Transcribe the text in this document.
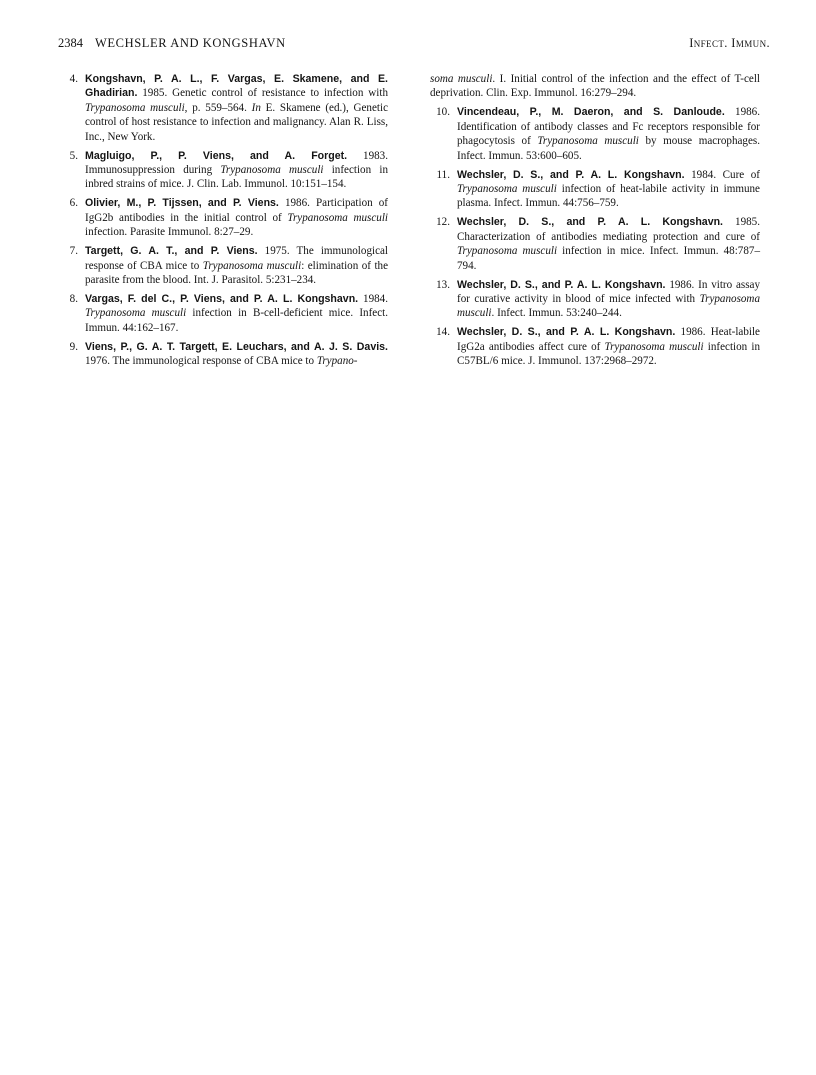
2384 WECHSLER AND KONGSHAVN	Infect. Immun.

4. Kongshavn, P. A. L., F. Vargas, E. Skamene, and E. Ghadirian. 1985. Genetic control of resistance to infection with Trypanosoma musculi, p. 559–564. In E. Skamene (ed.), Genetic control of host resistance to infection and malignancy. Alan R. Liss, Inc., New York.

5. Magluigo, P., P. Viens, and A. Forget. 1983. Immunosuppression during Trypanosoma musculi infection in inbred strains of mice. J. Clin. Lab. Immunol. 10:151–154.

6. Olivier, M., P. Tijssen, and P. Viens. 1986. Participation of IgG2b antibodies in the initial control of Trypanosoma musculi infection. Parasite Immunol. 8:27–29.

7. Targett, G. A. T., and P. Viens. 1975. The immunological response of CBA mice to Trypanosoma musculi: elimination of the parasite from the blood. Int. J. Parasitol. 5:231–234.

8. Vargas, F. del C., P. Viens, and P. A. L. Kongshavn. 1984. Trypanosoma musculi infection in B-cell-deficient mice. Infect. Immun. 44:162–167.

9. Viens, P., G. A. T. Targett, E. Leuchars, and A. J. S. Davis. 1976. The immunological response of CBA mice to Trypano-

soma musculi. I. Initial control of the infection and the effect of T-cell deprivation. Clin. Exp. Immunol. 16:279–294.

10. Vincendeau, P., M. Daeron, and S. Danloude. 1986. Identification of antibody classes and Fc receptors responsible for phagocytosis of Trypanosoma musculi by mouse macrophages. Infect. Immun. 53:600–605.

11. Wechsler, D. S., and P. A. L. Kongshavn. 1984. Cure of Trypanosoma musculi infection of heat-labile activity in immune plasma. Infect. Immun. 44:756–759.

12. Wechsler, D. S., and P. A. L. Kongshavn. 1985. Characterization of antibodies mediating protection and cure of Trypanosoma musculi infection in mice. Infect. Immun. 48:787–794.

13. Wechsler, D. S., and P. A. L. Kongshavn. 1986. In vitro assay for curative activity in blood of mice infected with Trypanosoma musculi. Infect. Immun. 53:240–244.

14. Wechsler, D. S., and P. A. L. Kongshavn. 1986. Heat-labile IgG2a antibodies affect cure of Trypanosoma musculi infection in C57BL/6 mice. J. Immunol. 137:2968–2972.
